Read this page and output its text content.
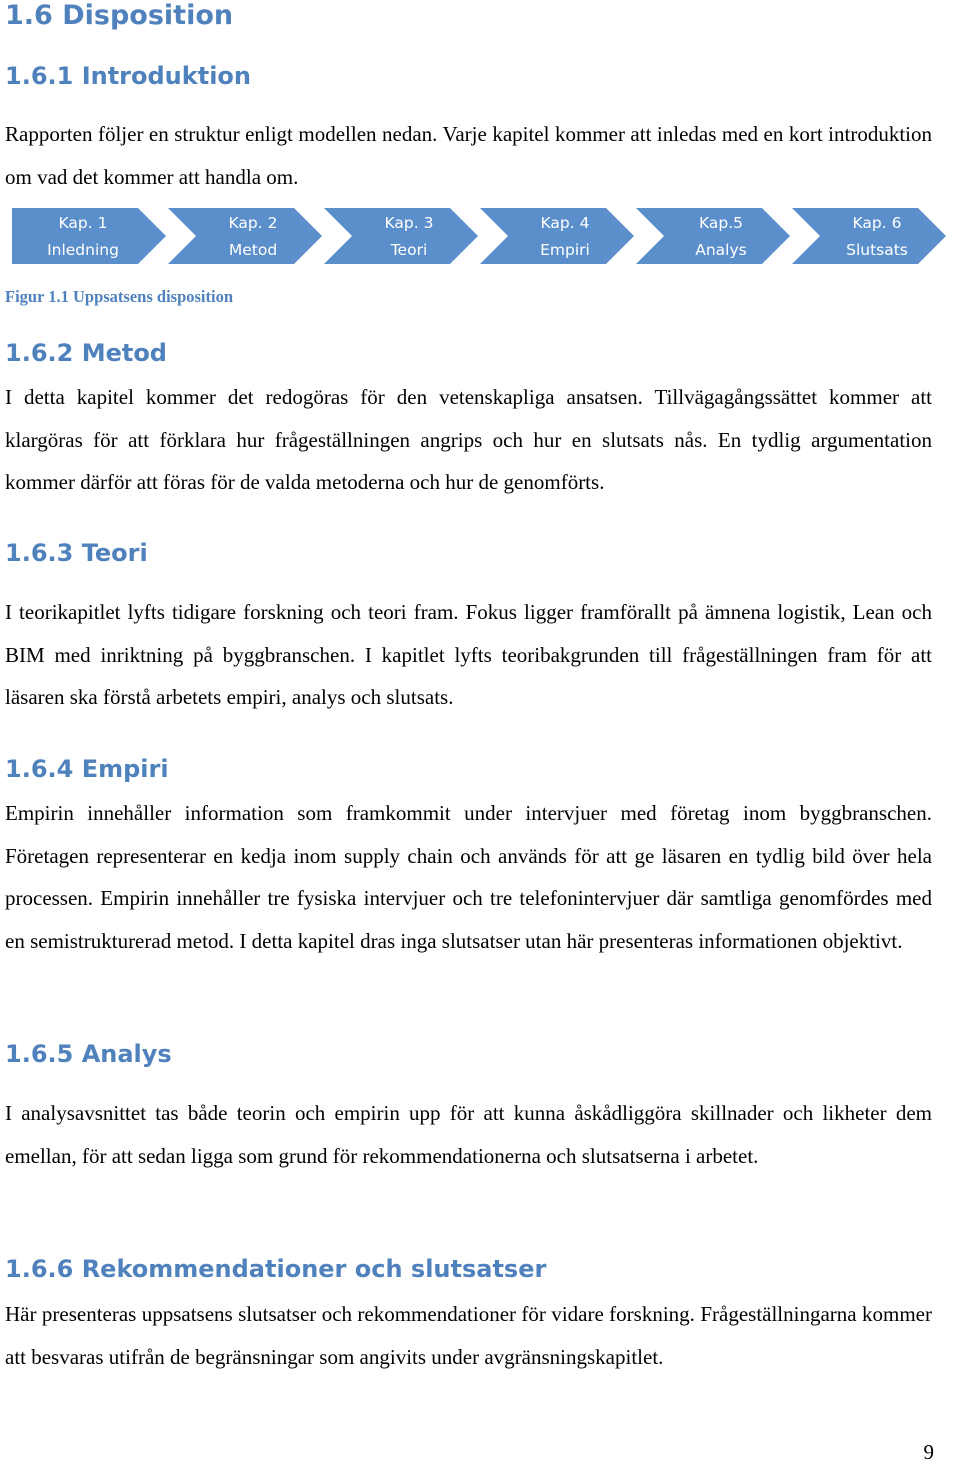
1.6 Disposition
1.6.1 Introduktion

Rapporten följer en struktur enligt modellen nedan. Varje kapitel kommer att inledas med en kort introduktion om vad det kommer att handla om.

Kap. 1
Inledning
Kap. 2
Metod
Kap. 3
Teori
Kap. 4
Empiri
Kap.5
Analys
Kap. 6
Slutsats

Figur 1.1 Uppsatsens disposition

1.6.2 Metod

I detta kapitel kommer det redogöras för den vetenskapliga ansatsen. Tillvägagångssättet kommer att klargöras för att förklara hur frågeställningen angrips och hur en slutsats nås. En tydlig argumentation kommer därför att föras för de valda metoderna och hur de genomförts.

1.6.3 Teori

I teorikapitlet lyfts tidigare forskning och teori fram. Fokus ligger framförallt på ämnena logistik, Lean och BIM med inriktning på byggbranschen. I kapitlet lyfts teoribakgrunden till frågeställningen fram för att läsaren ska förstå arbetets empiri, analys och slutsats.

1.6.4 Empiri

Empirin innehåller information som framkommit under intervjuer med företag inom byggbranschen. Företagen representerar en kedja inom supply chain och används för att ge läsaren en tydlig bild över hela processen. Empirin innehåller tre fysiska intervjuer och tre telefonintervjuer där samtliga genomfördes med en semistrukturerad metod. I detta kapitel dras inga slutsatser utan här presenteras informationen objektivt.

1.6.5 Analys

I analysavsnittet tas både teorin och empirin upp för att kunna åskådliggöra skillnader och likheter dem emellan, för att sedan ligga som grund för rekommendationerna och slutsatserna i arbetet.

1.6.6 Rekommendationer och slutsatser

Här presenteras uppsatsens slutsatser och rekommendationer för vidare forskning. Frågeställningarna kommer att besvaras utifrån de begränsningar som angivits under avgränsningskapitlet.

9
